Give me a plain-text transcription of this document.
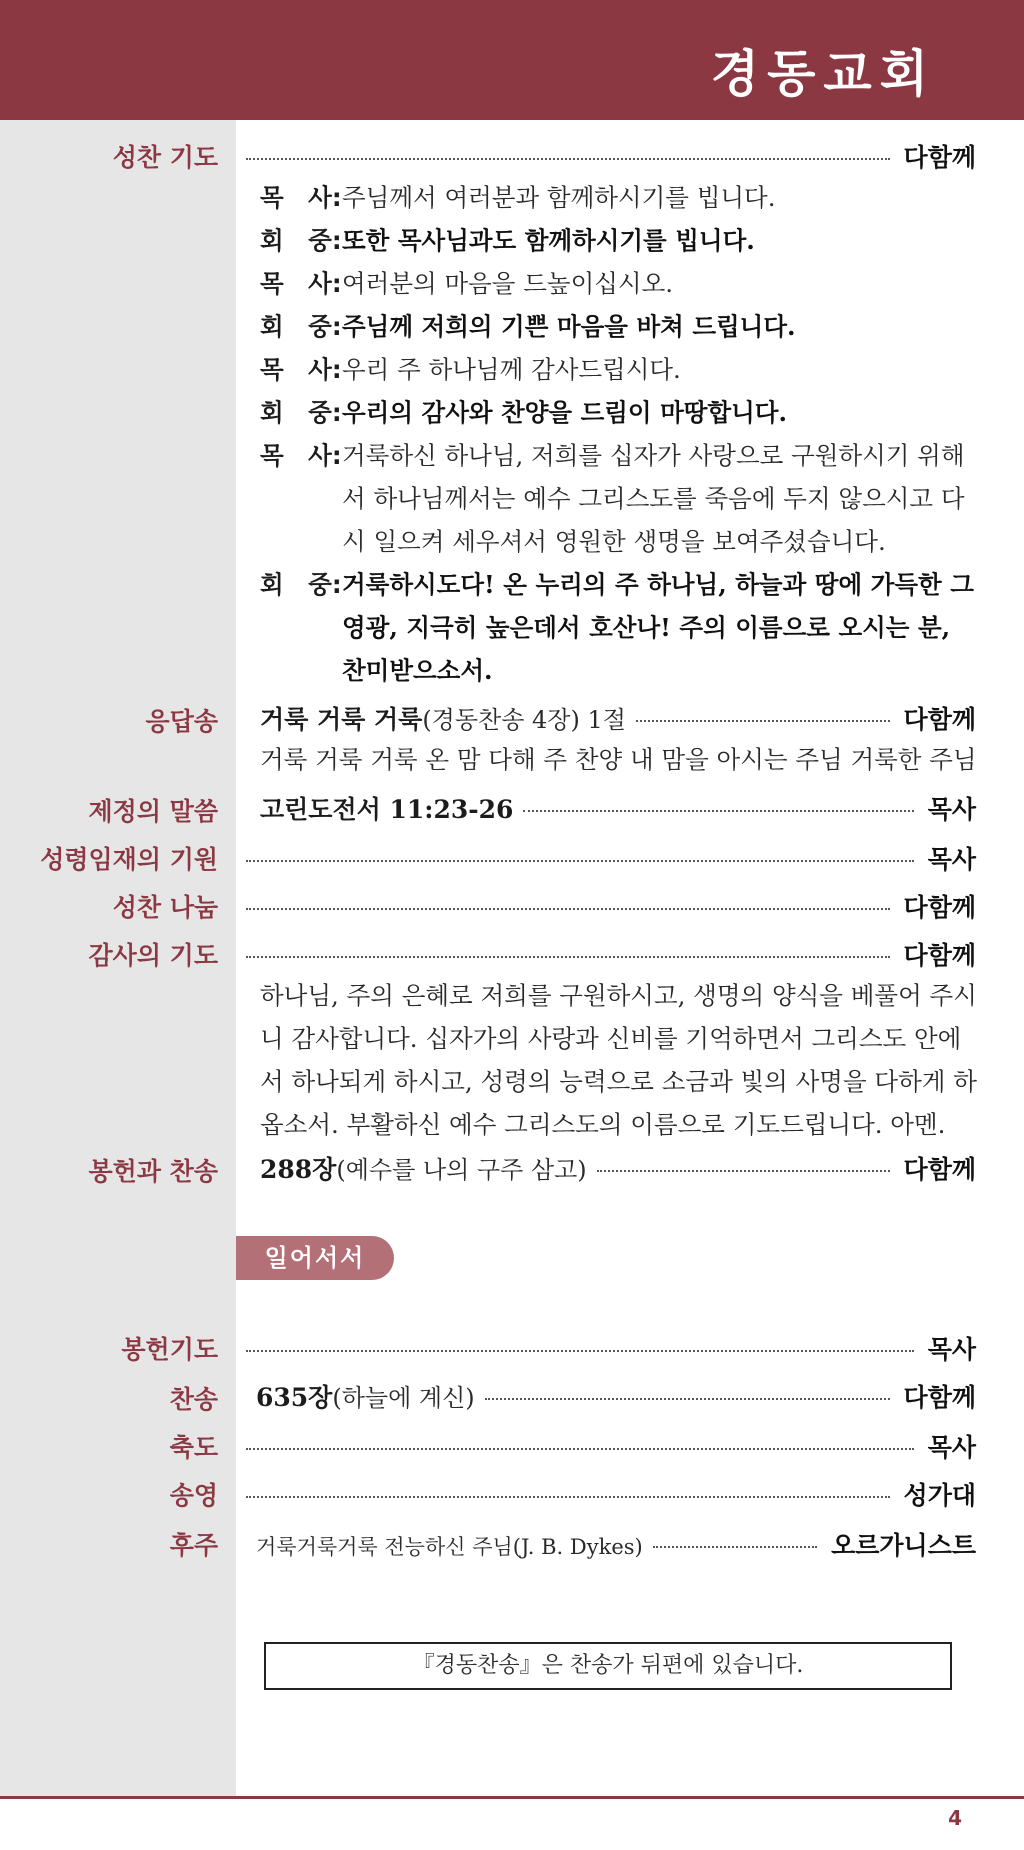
경동교회
성찬 기도	다함께
목　사: 주님께서 여러분과 함께하시기를 빕니다.
회　중: 또한 목사님과도 함께하시기를 빕니다.
목　사: 여러분의 마음을 드높이십시오.
회　중: 주님께 저희의 기쁜 마음을 바쳐 드립니다.
목　사: 우리 주 하나님께 감사드립시다.
회　중: 우리의 감사와 찬양을 드림이 마땅합니다.
목　사: 거룩하신 하나님, 저희를 십자가 사랑으로 구원하시기 위해서 하나님께서는 예수 그리스도를 죽음에 두지 않으시고 다시 일으켜 세우셔서 영원한 생명을 보여주셨습니다.
회　중: 거룩하시도다! 온 누리의 주 하나님, 하늘과 땅에 가득한 그 영광, 지극히 높은데서 호산나! 주의 이름으로 오시는 분, 찬미받으소서.
응답송 거룩 거룩 거룩 (경동찬송 4장) 1절	다함께
거룩 거룩 거룩 온 맘 다해 주 찬양 내 맘을 아시는 주님 거룩한 주님
제정의 말씀 고린도전서 11:23-26	목사
성령임재의 기원	목사
성찬 나눔	다함께
감사의 기도	다함께
하나님, 주의 은혜로 저희를 구원하시고, 생명의 양식을 베풀어 주시니 감사합니다. 십자가의 사랑과 신비를 기억하면서 그리스도 안에서 하나되게 하시고, 성령의 능력으로 소금과 빛의 사명을 다하게 하옵소서. 부활하신 예수 그리스도의 이름으로 기도드립니다. 아멘.
봉헌과 찬송 288장 (예수를 나의 구주 삼고)	다함께
일어서서
봉헌기도	목사
찬송 635장 (하늘에 계신)	다함께
축도	목사
송영	성가대
후주 거룩거룩거룩 전능하신 주님(J. B. Dykes)	오르가니스트
『경동찬송』은 찬송가 뒤편에 있습니다.
4
